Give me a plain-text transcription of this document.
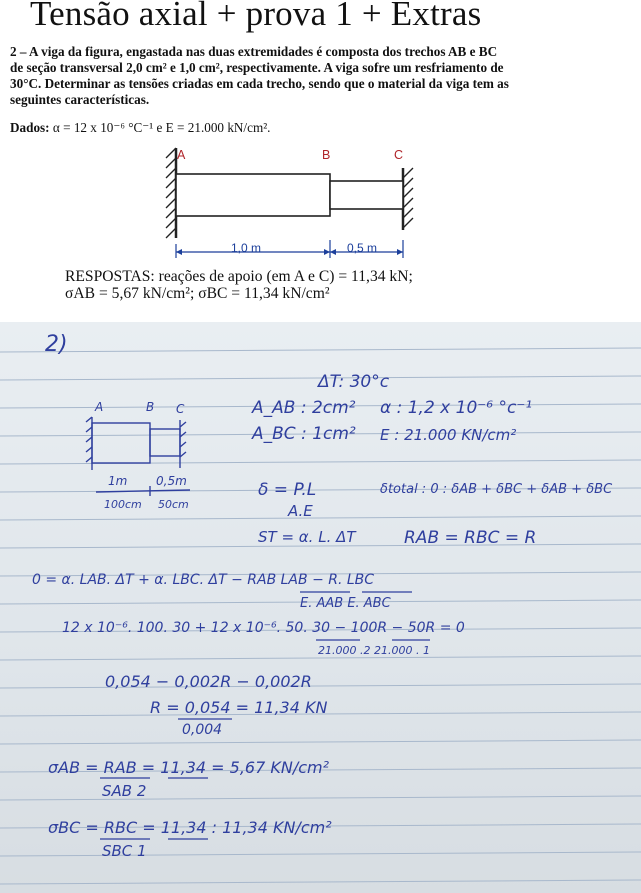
Tensão axial + prova 1 + Extras
2 – A viga da figura, engastada nas duas extremidades é composta dos trechos AB e BC
de seção transversal 2,0 cm² e 1,0 cm², respectivamente. A viga sofre um resfriamento de
30°C. Determinar as tensões criadas em cada trecho, sendo que o material da viga tem as
seguintes características.
Dados: α = 12 x 10⁻⁶ °C⁻¹ e E = 21.000 kN/cm².
A	B	C
1,0 m	0,5 m
RESPOSTAS: reações de apoio (em A e C) = 11,34 kN;
σAB = 5,67 kN/cm²; σBC = 11,34 kN/cm²
2)
A	B C
1m 0,5m
100cm 50cm
ΔT: 30°c
A_AB : 2cm²
A_BC : 1cm²
α : 1,2 x 10⁻⁶ °c⁻¹
E : 21.000 KN/cm²
δ = P.L
A.E
δtotal : 0 : δAB + δBC + δAB + δBC
ST = α. L. ΔT	RAB = RBC = R
0 = α. LAB. ΔT + α. LBC. ΔT − RAB LAB − R. LBC
E. AAB E. ABC
12 x 10⁻⁶. 100. 30 + 12 x 10⁻⁶. 50. 30 − 100R − 50R = 0
21.000 .2 21.000 . 1
0,054 − 0,002R − 0,002R
R = 0,054 = 11,34 KN
0,004
σAB = RAB = 11,34 = 5,67 KN/cm²
SAB 2
σBC = RBC = 11,34 : 11,34 KN/cm²
SBC 1
